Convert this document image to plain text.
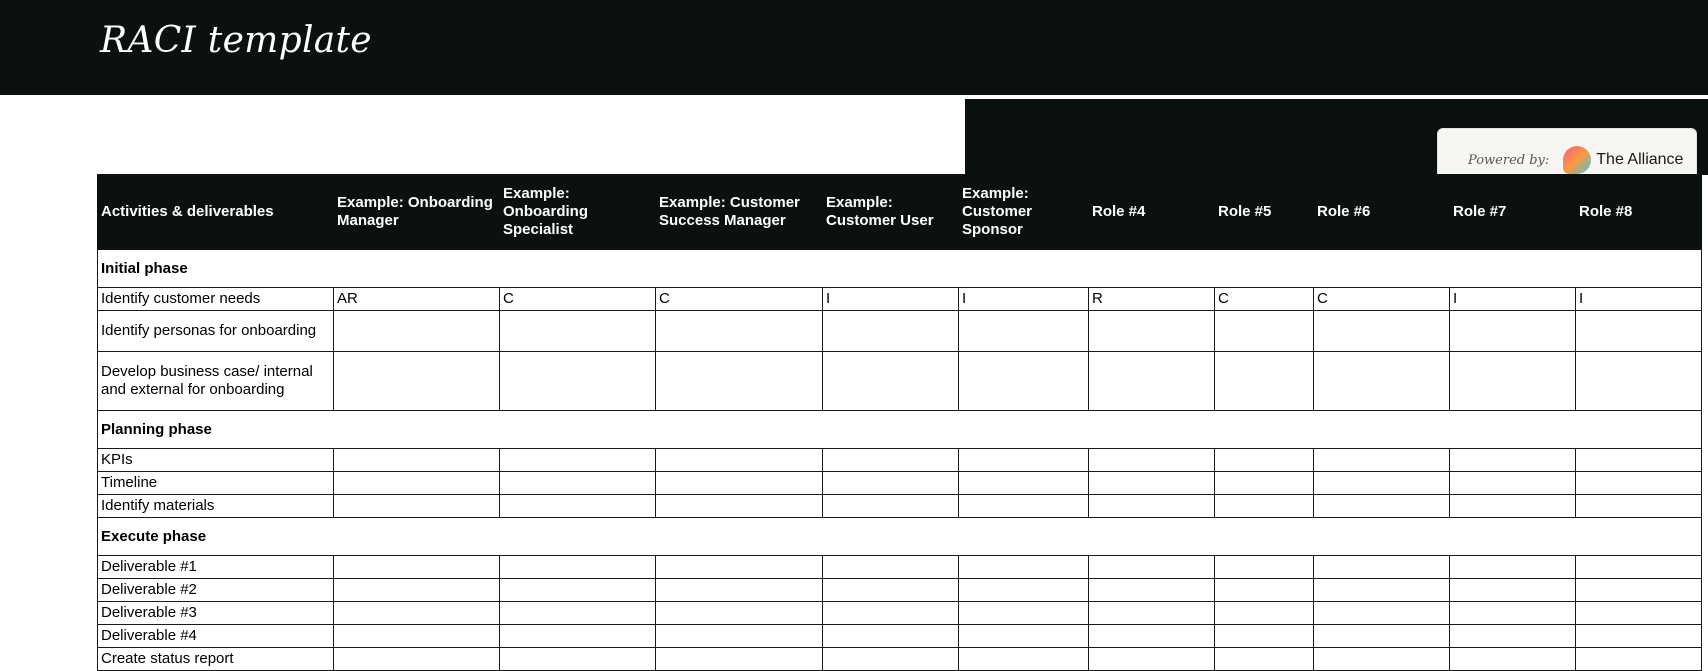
RACI template
Powered by:	The Alliance
Activities & deliverables	Example: Onboarding Manager	Example: Onboarding Specialist	Example: Customer Success Manager	Example: Customer User	Example: Customer Sponsor	Role #4	Role #5	Role #6	Role #7	Role #8
Initial phase										
Identify customer needs	AR	C	C	I	I	R	C	C	I	I
Identify personas for onboarding										
Develop business case/ internal and external for onboarding										
Planning phase										
KPIs										
Timeline										
Identify materials										
Execute phase										
Deliverable #1										
Deliverable #2										
Deliverable #3										
Deliverable #4										
Create status report										
